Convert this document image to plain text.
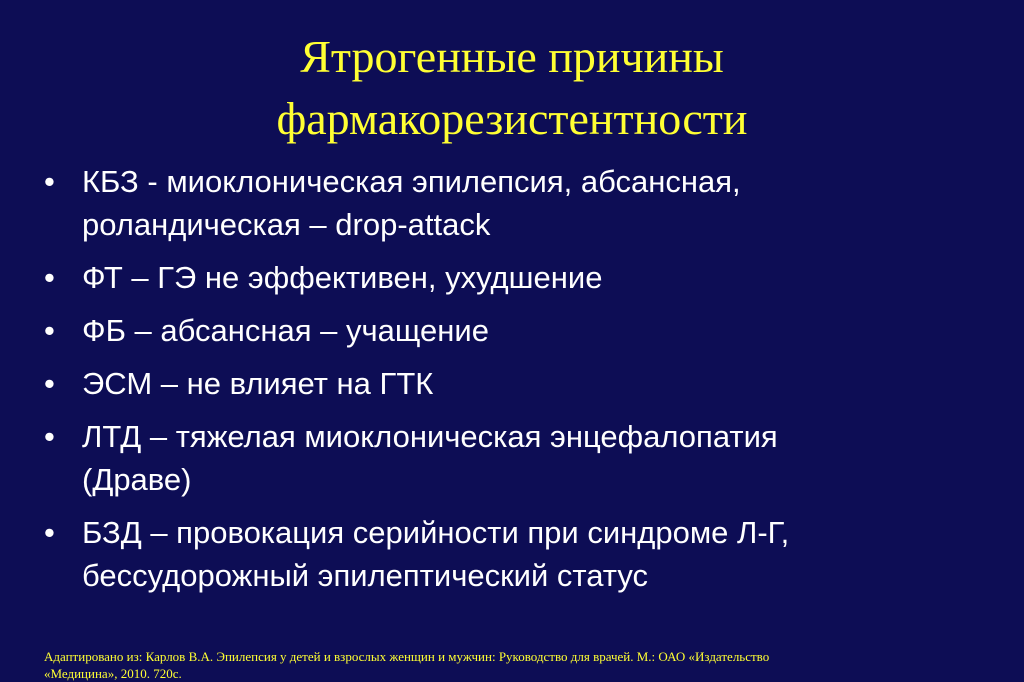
Ятрогенные причины
фармакорезистентности
• КБЗ - миоклоническая эпилепсия, абсансная,
роландическая – drop-attack
• ФТ – ГЭ не эффективен, ухудшение
• ФБ – абсансная – учащение
• ЭСМ – не влияет на ГТК
• ЛТД – тяжелая миоклоническая энцефалопатия
(Драве)
• БЗД – провокация серийности при синдроме Л-Г,
бессудорожный эпилептический статус
Адаптировано из: Карлов В.А. Эпилепсия у детей и взрослых женщин и мужчин: Руководство для врачей. М.: ОАО «Издательство
«Медицина», 2010. 720с.
